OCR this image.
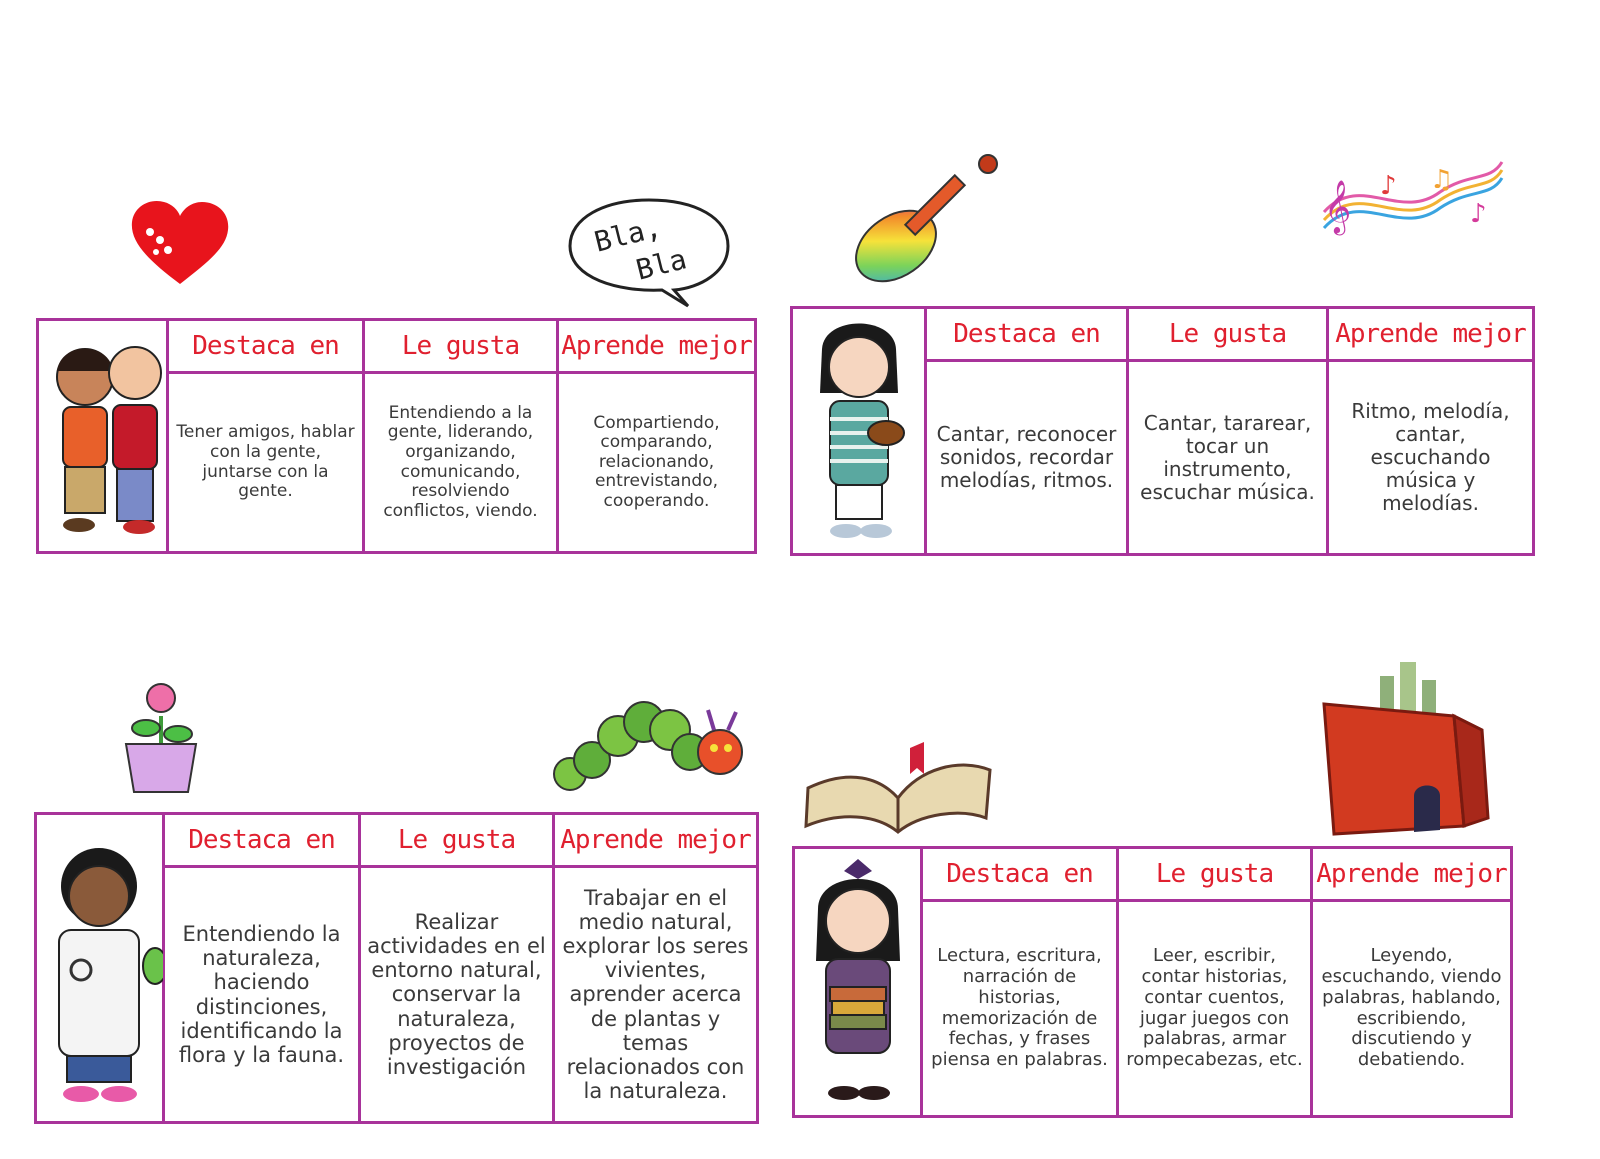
Bla,
Bla
𝄞 ♪ ♫
♪
	Destaca en	Le gusta	Aprende mejor
	Tener amigos, hablar con la gente, juntarse con la gente.	Entendiendo a la gente, liderando, organizando, comunicando, resolviendo conflictos, viendo.	Compartiendo, comparando, relacionando, entrevistando, cooperando.
	Destaca en	Le gusta	Aprende mejor
	Cantar, reconocer sonidos, recordar melodías, ritmos.	Cantar, tararear, tocar un instrumento, escuchar música.	Ritmo, melodía, cantar, escuchando música y melodías.
	Destaca en	Le gusta	Aprende mejor
	Entendiendo la naturaleza, haciendo distinciones, identificando la flora y la fauna.	Realizar actividades en el entorno natural, conservar la naturaleza, proyectos de investigación	Trabajar en el medio natural, explorar los seres vivientes, aprender acerca de plantas y temas relacionados con la naturaleza.
	Destaca en	Le gusta	Aprende mejor
	Lectura, escritura, narración de historias, memorización de fechas, y frases piensa en palabras.	Leer, escribir, contar historias, contar cuentos, jugar juegos con palabras, armar rompecabezas, etc.	Leyendo, escuchando, viendo palabras, hablando, escribiendo, discutiendo y debatiendo.
